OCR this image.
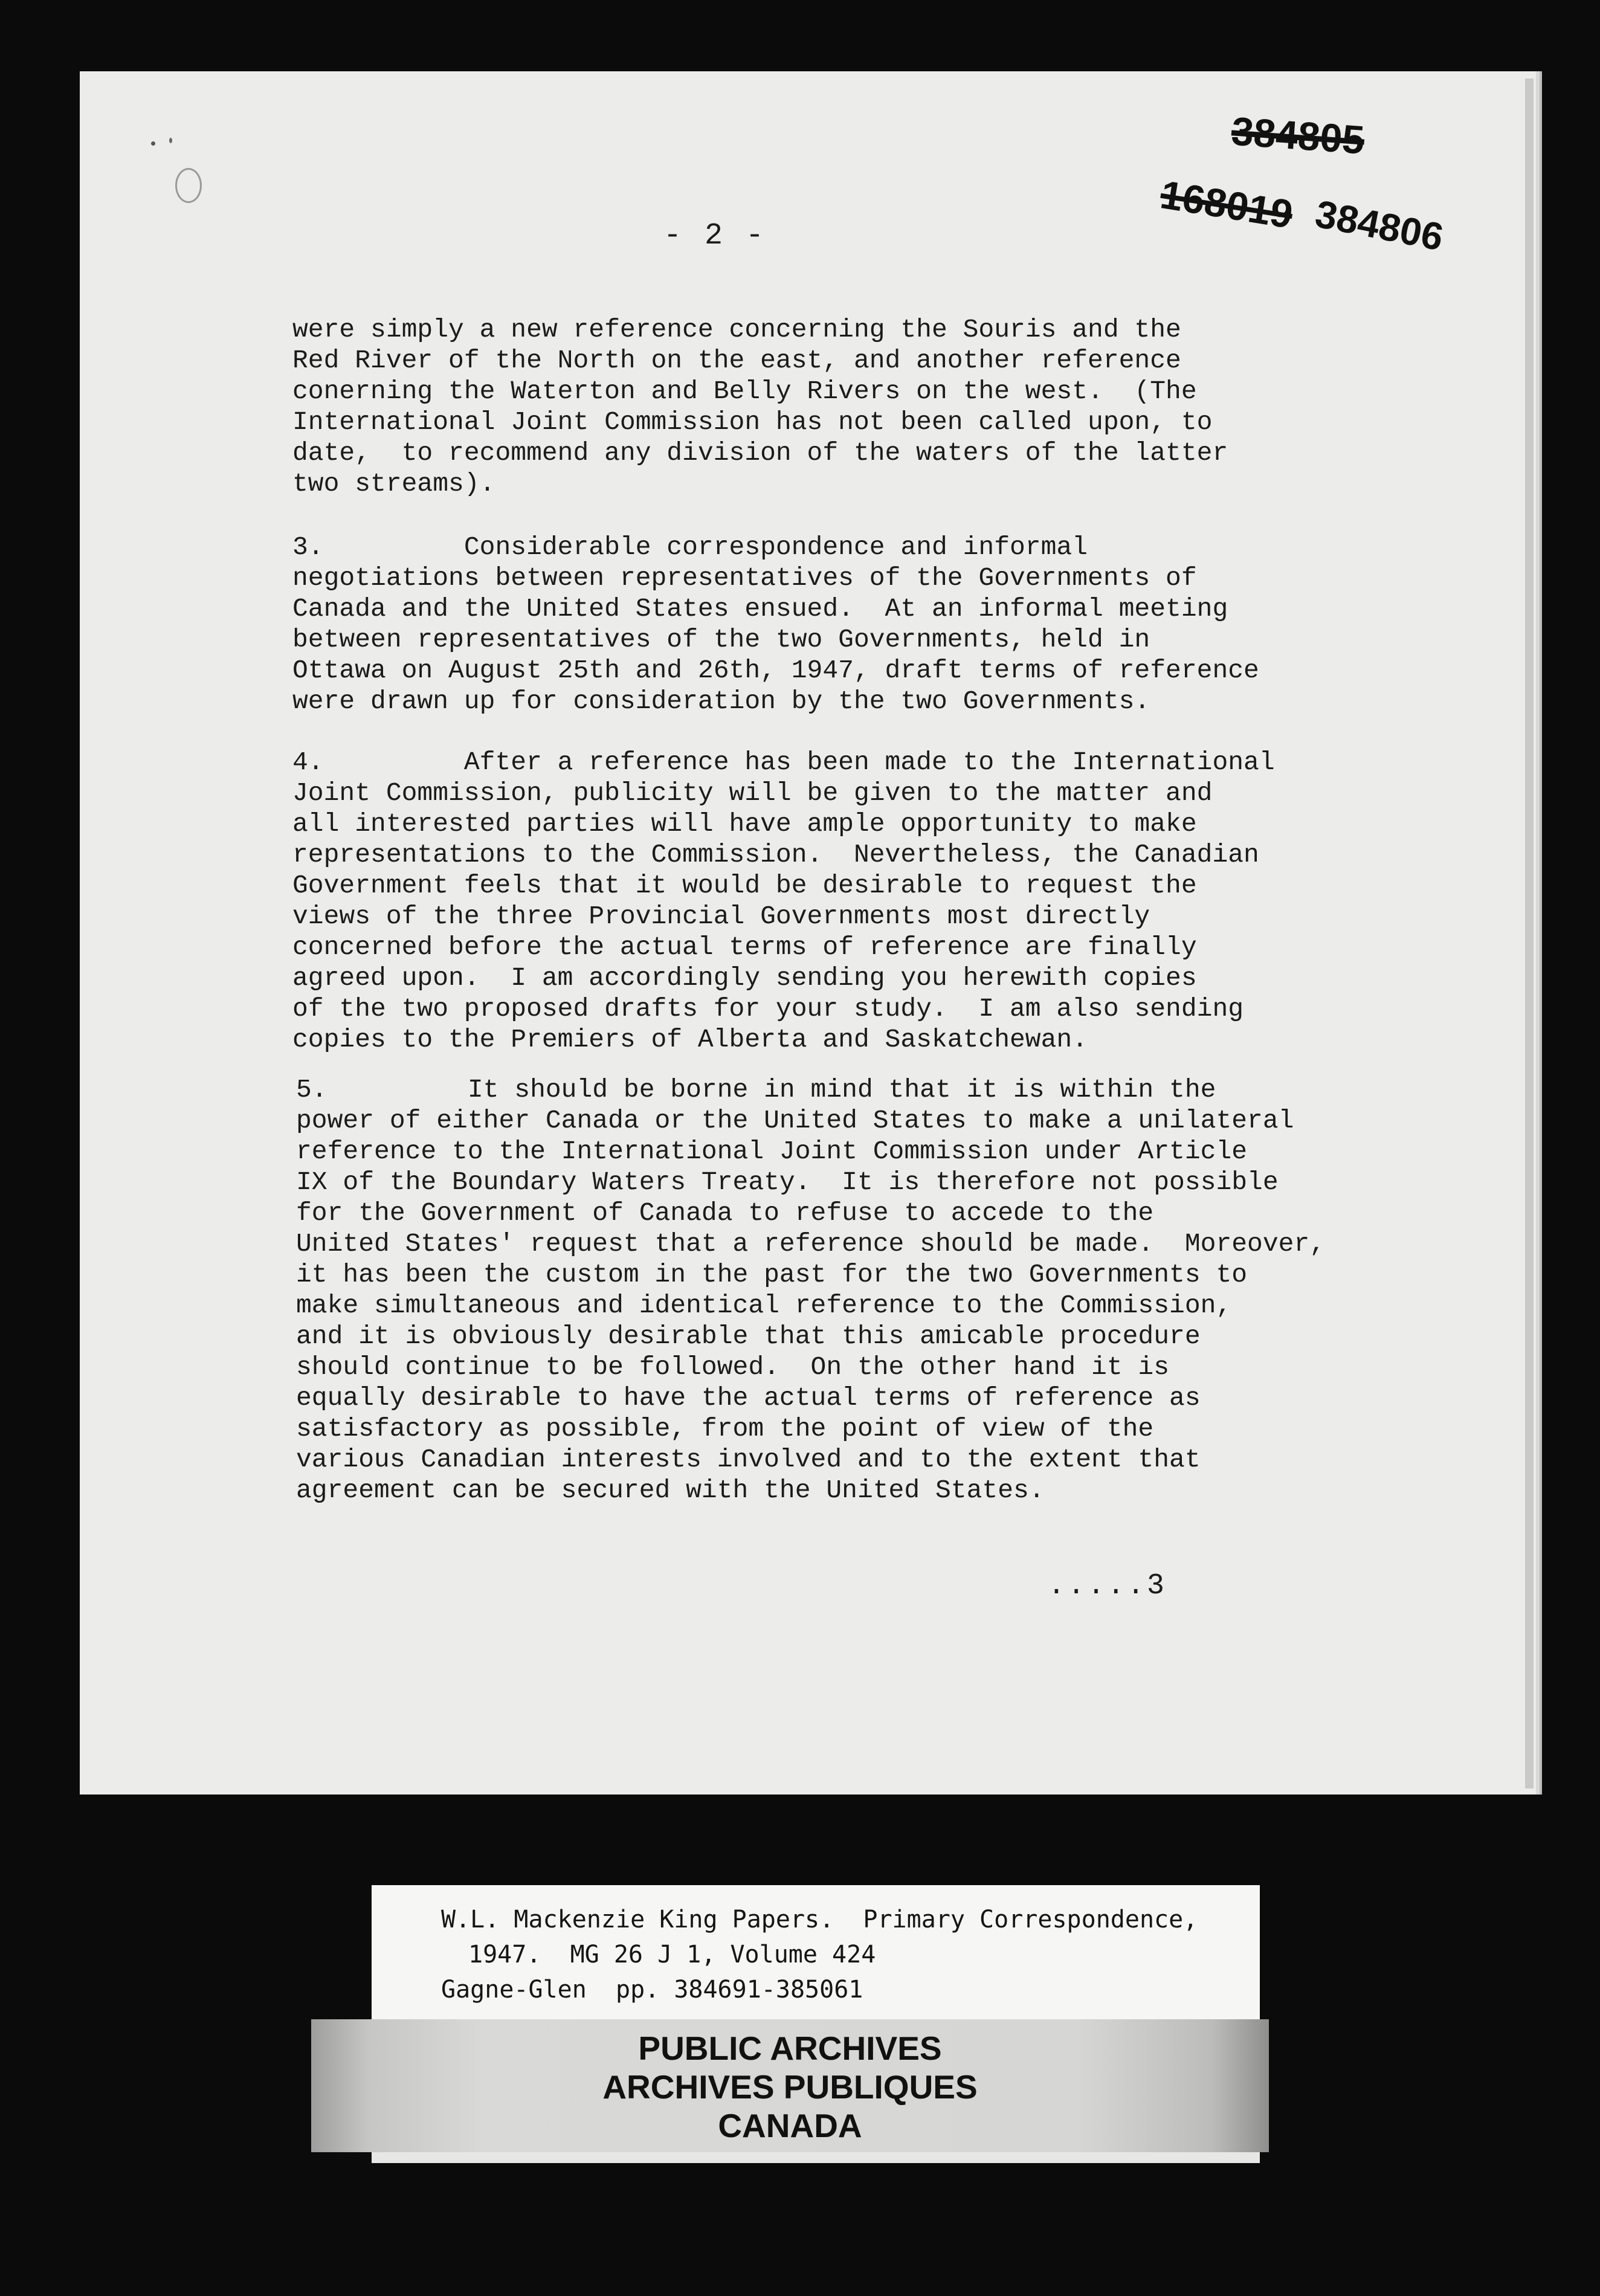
384805
168019 384806
- 2 -
were simply a new reference concerning the Souris and the
Red River of the North on the east, and another reference
conerning the Waterton and Belly Rivers on the west.  (The
International Joint Commission has not been called upon, to
date,  to recommend any division of the waters of the latter
two streams).
3.         Considerable correspondence and informal
negotiations between representatives of the Governments of
Canada and the United States ensued.  At an informal meeting
between representatives of the two Governments, held in
Ottawa on August 25th and 26th, 1947, draft terms of reference
were drawn up for consideration by the two Governments.
4.         After a reference has been made to the International
Joint Commission, publicity will be given to the matter and
all interested parties will have ample opportunity to make
representations to the Commission.  Nevertheless, the Canadian
Government feels that it would be desirable to request the
views of the three Provincial Governments most directly
concerned before the actual terms of reference are finally
agreed upon.  I am accordingly sending you herewith copies
of the two proposed drafts for your study.  I am also sending
copies to the Premiers of Alberta and Saskatchewan.
5.         It should be borne in mind that it is within the
power of either Canada or the United States to make a unilateral
reference to the International Joint Commission under Article
IX of the Boundary Waters Treaty.  It is therefore not possible
for the Government of Canada to refuse to accede to the
United States' request that a reference should be made.  Moreover,
it has been the custom in the past for the two Governments to
make simultaneous and identical reference to the Commission,
and it is obviously desirable that this amicable procedure
should continue to be followed.  On the other hand it is
equally desirable to have the actual terms of reference as
satisfactory as possible, from the point of view of the
various Canadian interests involved and to the extent that
agreement can be secured with the United States.
.....3
W.L. Mackenzie King Papers.  Primary Correspondence,
1947.  MG 26 J 1, Volume 424
Gagne-Glen  pp. 384691-385061
PUBLIC ARCHIVES
ARCHIVES PUBLIQUES
CANADA
